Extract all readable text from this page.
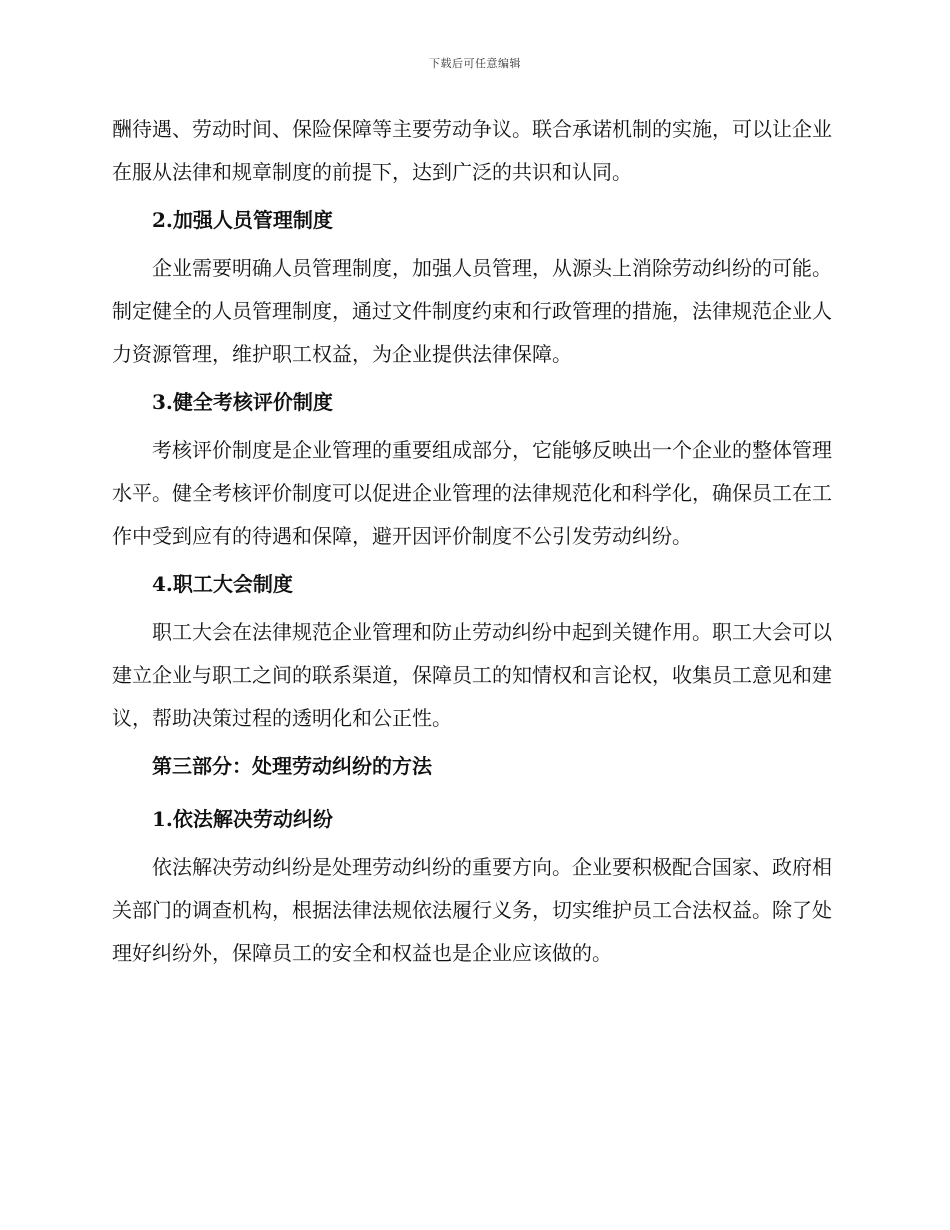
下载后可任意编辑

酬待遇、劳动时间、保险保障等主要劳动争议。联合承诺机制的实施，可以让企业在服从法律和规章制度的前提下，达到广泛的共识和认同。

2.加强人员管理制度

企业需要明确人员管理制度，加强人员管理，从源头上消除劳动纠纷的可能。制定健全的人员管理制度，通过文件制度约束和行政管理的措施，法律规范企业人力资源管理，维护职工权益，为企业提供法律保障。

3.健全考核评价制度

考核评价制度是企业管理的重要组成部分，它能够反映出一个企业的整体管理水平。健全考核评价制度可以促进企业管理的法律规范化和科学化，确保员工在工作中受到应有的待遇和保障，避开因评价制度不公引发劳动纠纷。

4.职工大会制度

职工大会在法律规范企业管理和防止劳动纠纷中起到关键作用。职工大会可以建立企业与职工之间的联系渠道，保障员工的知情权和言论权，收集员工意见和建议，帮助决策过程的透明化和公正性。

第三部分：处理劳动纠纷的方法

1.依法解决劳动纠纷

依法解决劳动纠纷是处理劳动纠纷的重要方向。企业要积极配合国家、政府相关部门的调查机构，根据法律法规依法履行义务，切实维护员工合法权益。除了处理好纠纷外，保障员工的安全和权益也是企业应该做的。
